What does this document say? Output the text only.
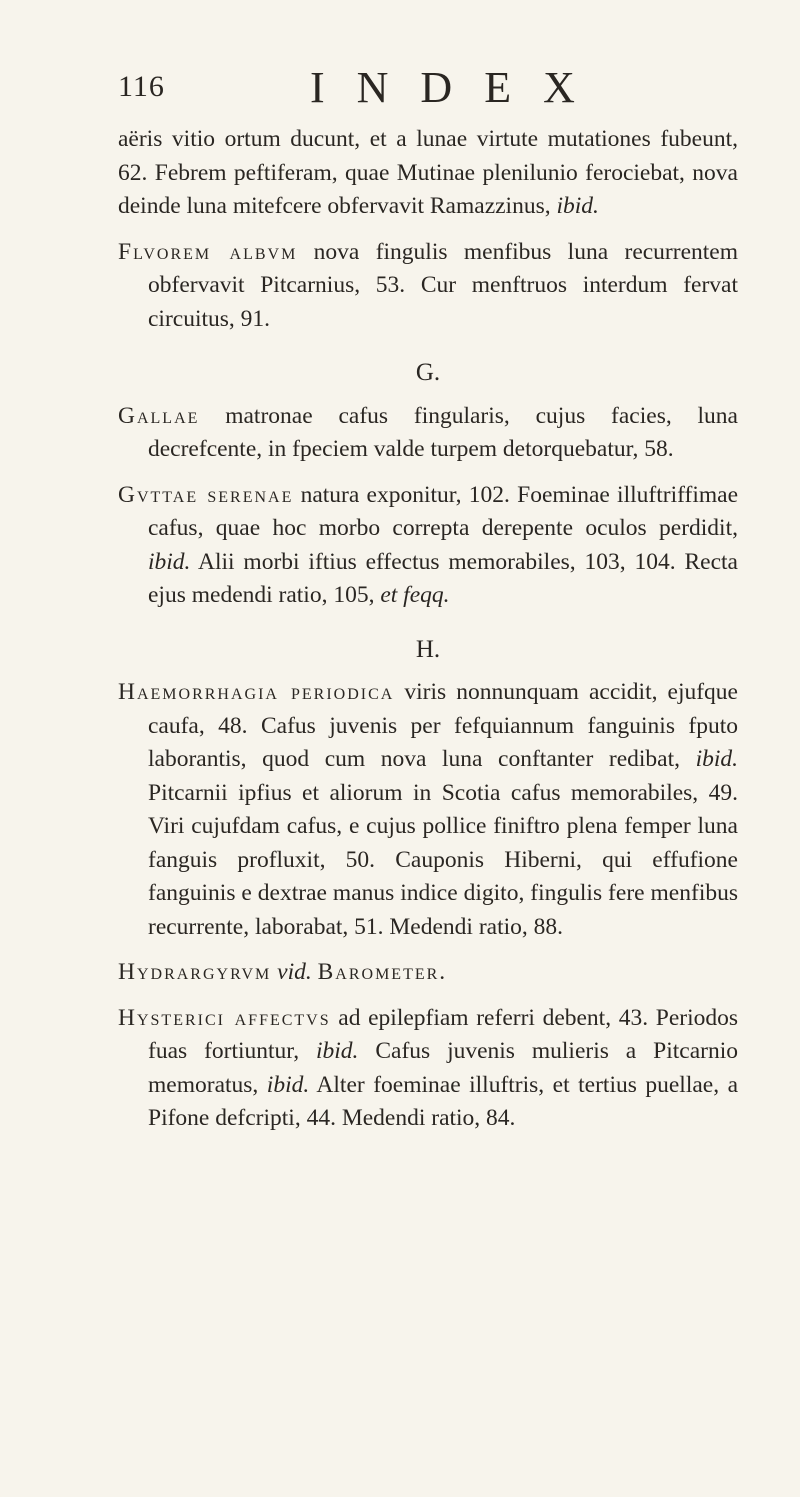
116	INDEX

aëris vitio ortum ducunt, et a lunae virtute mutationes fubeunt, 62. Febrem peftiferam, quae Mutinae plenilunio ferociebat, nova deinde luna mitefcere obfervavit Ramazzinus, ibid.

Flvorem albvm nova fingulis menfibus luna recurrentem obfervavit Pitcarnius, 53. Cur menftruos interdum fervat circuitus, 91.

G.

Gallae matronae cafus fingularis, cujus facies, luna decrefcente, in fpeciem valde turpem detorquebatur, 58.

Gvttae serenae natura exponitur, 102. Foeminae illuftriffimae cafus, quae hoc morbo correpta derepente oculos perdidit, ibid. Alii morbi iftius effectus memorabiles, 103, 104. Recta ejus medendi ratio, 105, et feqq.

H.

Haemorrhagia periodica viris nonnunquam accidit, ejufque caufa, 48. Cafus juvenis per fefquiannum fanguinis fputo laborantis, quod cum nova luna conftanter redibat, ibid. Pitcarnii ipfius et aliorum in Scotia cafus memorabiles, 49. Viri cujufdam cafus, e cujus pollice finiftro plena femper luna fanguis profluxit, 50. Cauponis Hiberni, qui effufione fanguinis e dextrae manus indice digito, fingulis fere menfibus recurrente, laborabat, 51. Medendi ratio, 88.

Hydrargyrvm vid. Barometer.

Hysterici affectvs ad epilepfiam referri debent, 43. Periodos fuas fortiuntur, ibid. Cafus juvenis mulieris a Pitcarnio memoratus, ibid. Alter foeminae illuftris, et tertius puellae, a Pifone defcripti, 44. Medendi ratio, 84.
